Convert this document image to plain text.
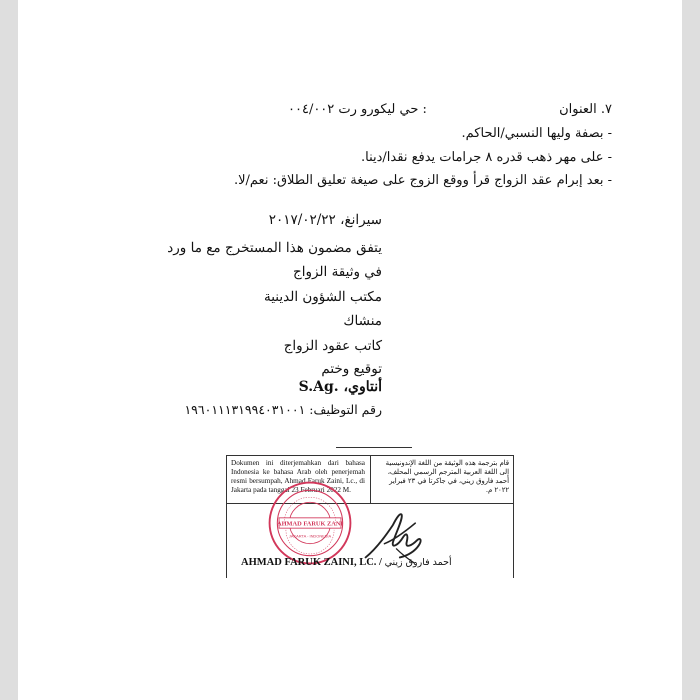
٧. العنوان
: حي ليكورو رت ٠٠٤/٠٠٢
- بصفة وليها النسبي/الحاكم.
- على مهر ذهب قدره ٨ جرامات يدفع نقدا/دينا.
- بعد إبرام عقد الزواج قرأ ووقع الزوج على صيغة تعليق الطلاق: نعم/لا.
سيرانغ، ٢٠١٧/٠٢/٢٢
يتفق مضمون هذا المستخرج مع ما ورد
في وثيقة الزواج
مكتب الشؤون الدينية
منشاك
كاتب عقود الزواج
توقيع وختم
أنتاوي، .S.Ag
رقم التوظيف: ١٩٦٠١١١٣١٩٩٤٠٣١٠٠١
Dokumen ini diterjemahkan dari bahasa Indonesia ke bahasa Arab oleh penerjemah resmi bersumpah, Ahmad Faruk Zaini, Lc., di Jakarta pada tanggal 23 Februari 2022 M.
قام بترجمة هذه الوثيقة من اللغة الإندونيسية إلى اللغة العربية المترجم الرسمي المحلف، أحمد فاروق زيني، في جاكرتا في ٢٣ فبراير ٢٠٢٢ م.
AHMAD FARUK ZANI
JAKARTA - INDONESIA
AHMAD FARUK ZAINI, LC. / أحمد فاروق زيني
